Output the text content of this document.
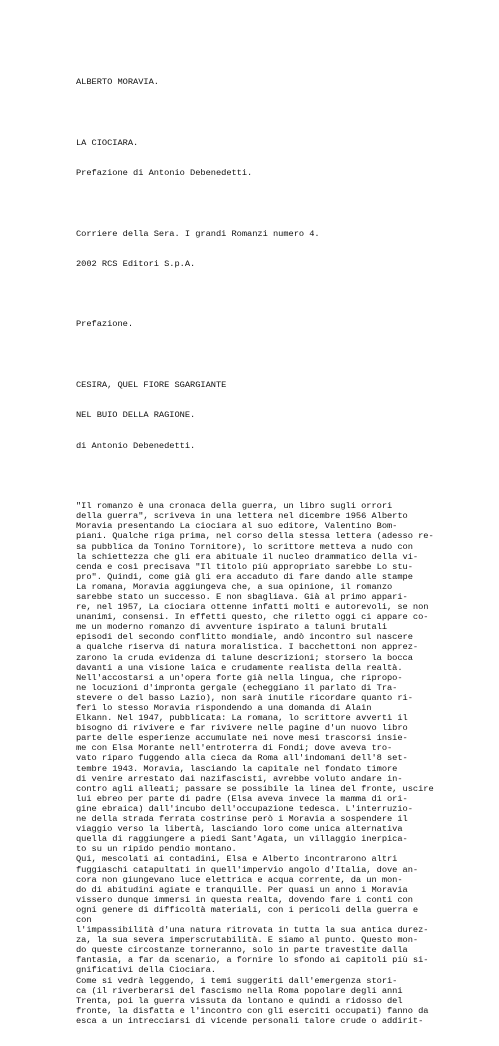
ALBERTO MORAVIA.

LA CIOCIARA.

Prefazione di Antonio Debenedetti.

Corriere della Sera. I grandi Romanzi numero 4.

2002 RCS Editori S.p.A.

Prefazione.

CESIRA, QUEL FIORE SGARGIANTE

NEL BUIO DELLA RAGIONE.

di Antonio Debenedetti.

"Il romanzo è una cronaca della guerra, un libro sugli orrori
della guerra", scriveva in una lettera nel dicembre 1956 Alberto
Moravia presentando La ciociara al suo editore, Valentino Bom-
piani. Qualche riga prima, nel corso della stessa lettera (adesso re-
sa pubblica da Tonino Tornitore), lo scrittore metteva a nudo con
la schiettezza che gli era abituale il nucleo drammatico della vi-
cenda e così precisava "Il titolo più appropriato sarebbe Lo stu-
pro". Quindi, come già gli era accaduto di fare dando alle stampe
La romana, Moravia aggiungeva che, a sua opinione, il romanzo
sarebbe stato un successo. E non sbagliava. Già al primo appari-
re, nel 1957, La ciociara ottenne infatti molti e autorevoli, se non
unanimi, consensi. In effetti questo, che riletto oggi ci appare co-
me un moderno romanzo di avventure ispirato a taluni brutali
episodi del secondo conflitto mondiale, andò incontro sul nascere
a qualche riserva di natura moralistica. I bacchettoni non apprez-
zarono la cruda evidenza di talune descrizioni; storsero la bocca
davanti a una visione laica e crudamente realista della realtà.
Nell'accostarsi a un'opera forte già nella lingua, che ripropo-
ne locuzioni d'impronta gergale (echeggiano il parlato di Tra-
stevere o del basso Lazio), non sarà inutile ricordare quanto ri-
ferì lo stesso Moravia rispondendo a una domanda di Alain
Elkann. Nel 1947, pubblicata: La romana, lo scrittore avvertì il
bisogno di rivivere e far rivivere nelle pagine d'un nuovo libro
parte delle esperienze accumulate nei nove mesi trascorsi insie-
me con Elsa Morante nell'entroterra di Fondi; dove aveva tro-
vato riparo fuggendo alla cieca da Roma all'indomani dell'8 set-
tembre 1943. Moravia, lasciando la capitale nel fondato timore
di venire arrestato dai nazifascisti, avrebbe voluto andare in-
contro agli alleati; passare se possibile la linea del fronte, uscire
lui ebreo per parte di padre (Elsa aveva invece la mamma di ori-
gine ebraica) dall'incubo dell'occupazione tedesca. L'interruzio-
ne della strada ferrata costrinse però i Moravia a sospendere il
viaggio verso la libertà, lasciando loro come unica alternativa
quella di raggiungere a piedi Sant'Agata, un villaggio inerpica-
to su un ripido pendio montano.
Qui, mescolati ai contadini, Elsa e Alberto incontrarono altri
fuggiaschi catapultati in quell'impervio angolo d'Italia, dove an-
cora non giungevano luce elettrica e acqua corrente, da un mon-
do di abitudini agiate e tranquille. Per quasi un anno i Moravia
vissero dunque immersi in questa realta, dovendo fare i conti con
ogni genere di difficoltà materiali, con i pericoli della guerra e
con
l'impassibilità d'una natura ritrovata in tutta la sua antica durez-
za, la sua severa imperscrutabilità. E siamo al punto. Questo mon-
do queste circostanze torneranno, solo in parte travestite dalla
fantasia, a far da scenario, a fornire lo sfondo ai capitoli più si-
gnificativi della Ciociara.
Come si vedrà leggendo, i temi suggeriti dall'emergenza stori-
ca (il riverberarsi del fascismo nella Roma popolare degli anni
Trenta, poi la guerra vissuta da lontano e quindi a ridosso del
fronte, la disfatta e l'incontro con gli eserciti occupati) fanno da
esca a un intrecciarsi di vicende personali talore crude o addirit-
